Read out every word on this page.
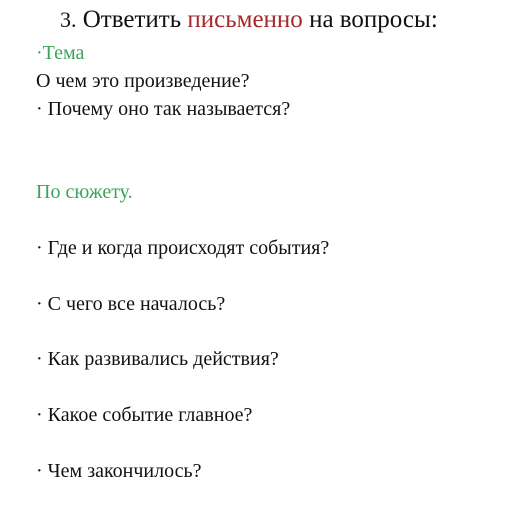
3. Ответить письменно на вопросы:
·Тема
О чем это произведение?
· Почему оно так называется?
По сюжету.
· Где и когда происходят события?
· С чего все началось?
· Как развивались действия?
· Какое событие главное?
· Чем закончилось?
